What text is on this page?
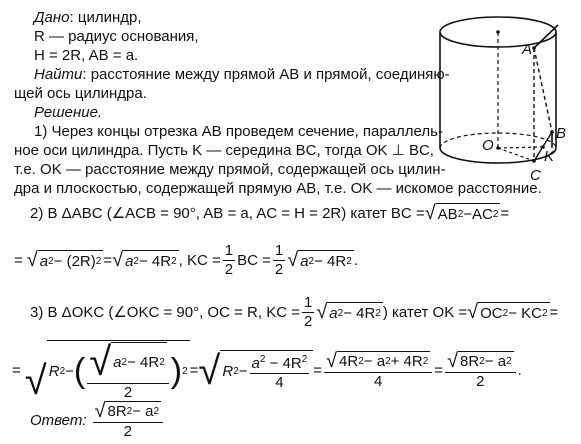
Дано: цилиндр,
R — радиус основания,
H = 2R, AB = a.
Найти: расстояние между прямой AB и прямой, соединяю-
щей ось цилиндра.
Решение.
1) Через концы отрезка AB проведем сечение, параллель-
ное оси цилиндра. Пусть K — середина BC, тогда OK ⊥ BC,
т.е. OK — расстояние между прямой, содержащей ось цилин-
дра и плоскостью, содержащей прямую AB, т.е. OK — искомое расстояние.
2) В ΔABC (∠ACB = 90°, AB = a, AC = H = 2R) катет BC = √ AB 2 − AC 2 =
= √ a 2 − (2R) 2 = √ a 2 − 4R 2 , KC = $\frac{1}{2}$ BC = $\frac{1}{2}$ √ a 2 − 4R 2 .
3) В ΔOKC (∠OKC = 90°, OC = R, KC = $\frac{1}{2}$ √ a 2 − 4R 2 ) катет OK = √ OC 2 − KC 2 =
= √ R 2 − ( $\frac{√ a 2 - 4R 2}{2}$ ) 2 = √ R $2 - \frac{a^2 - 4R^2}{4} = \frac{√ 4R 2 - a 2 + 4R 2}{4} = \frac{√ 8R 2 - a 2}{2}$ .
Ответ: $\frac{√ 8R 2 - a 2}{2}$
A
B
C
K
O
